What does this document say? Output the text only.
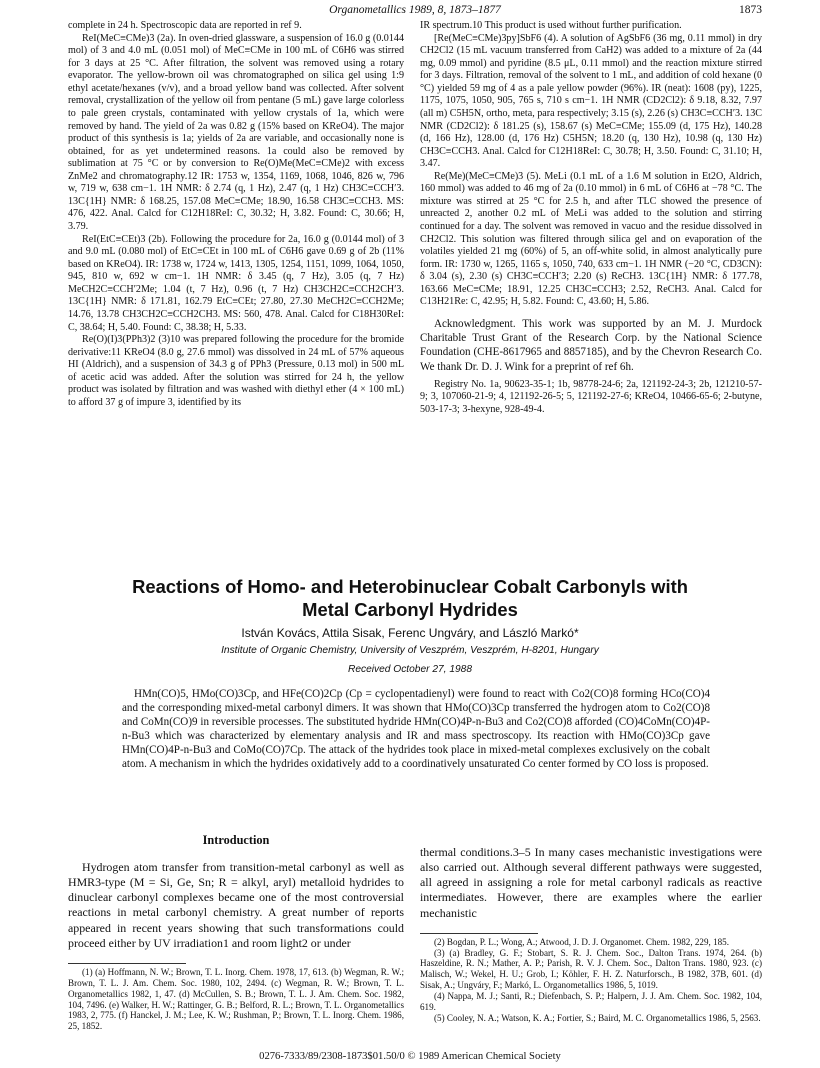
Organometallics 1989, 8, 1873–1877	1873

complete in 24 h. Spectroscopic data are reported in ref 9.

ReI(MeC≡CMe)3 (2a). In oven-dried glassware, a suspension of 16.0 g (0.0144 mol) of 3 and 4.0 mL (0.051 mol) of MeC≡CMe in 100 mL of C6H6 was stirred for 3 days at 25 °C. After filtration, the solvent was removed using a rotary evaporator. The yellow-brown oil was chromatographed on silica gel using 1:9 ethyl acetate/hexanes (v/v), and a broad yellow band was collected. After solvent removal, crystallization of the yellow oil from pentane (5 mL) gave large colorless to pale green crystals, contaminated with yellow crystals of 1a, which were removed by hand. The yield of 2a was 0.82 g (15% based on KReO4). The major product of this synthesis is 1a; yields of 2a are variable, and occasionally none is obtained, for as yet undetermined reasons. 1a could also be removed by sublimation at 75 °C or by conversion to Re(O)Me(MeC≡CMe)2 with excess ZnMe2 and chromatography.12 IR: 1753 w, 1354, 1169, 1068, 1046, 826 w, 796 w, 719 w, 638 cm−1. 1H NMR: δ 2.74 (q, 1 Hz), 2.47 (q, 1 Hz) CH3C≡CCH′3. 13C{1H} NMR: δ 168.25, 157.08 MeC≡CMe; 18.90, 16.58 CH3C≡CCH3. MS: 476, 422. Anal. Calcd for C12H18ReI: C, 30.32; H, 3.82. Found: C, 30.66; H, 3.79.

ReI(EtC≡CEt)3 (2b). Following the procedure for 2a, 16.0 g (0.0144 mol) of 3 and 9.0 mL (0.080 mol) of EtC≡CEt in 100 mL of C6H6 gave 0.69 g of 2b (11% based on KReO4). IR: 1738 w, 1724 w, 1413, 1305, 1254, 1151, 1099, 1064, 1050, 945, 810 w, 692 w cm−1. 1H NMR: δ 3.45 (q, 7 Hz), 3.05 (q, 7 Hz) MeCH2C≡CCH′2Me; 1.04 (t, 7 Hz), 0.96 (t, 7 Hz) CH3CH2C≡CCH2CH′3. 13C{1H} NMR: δ 171.81, 162.79 EtC≡CEt; 27.80, 27.30 MeCH2C≡CCH2Me; 14.76, 13.78 CH3CH2C≡CCH2CH3. MS: 560, 478. Anal. Calcd for C18H30ReI: C, 38.64; H, 5.40. Found: C, 38.38; H, 5.33.

Re(O)(I)3(PPh3)2 (3)10 was prepared following the procedure for the bromide derivative:11 KReO4 (8.0 g, 27.6 mmol) was dissolved in 24 mL of 57% aqueous HI (Aldrich), and a suspension of 34.3 g of PPh3 (Pressure, 0.13 mol) in 500 mL of acetic acid was added. After the solution was stirred for 24 h, the yellow product was isolated by filtration and was washed with diethyl ether (4 × 100 mL) to afford 37 g of impure 3, identified by its

IR spectrum.10 This product is used without further purification.

[Re(MeC≡CMe)3py]SbF6 (4). A solution of AgSbF6 (36 mg, 0.11 mmol) in dry CH2Cl2 (15 mL vacuum transferred from CaH2) was added to a mixture of 2a (44 mg, 0.09 mmol) and pyridine (8.5 μL, 0.11 mmol) and the reaction mixture stirred for 3 days. Filtration, removal of the solvent to 1 mL, and addition of cold hexane (0 °C) yielded 59 mg of 4 as a pale yellow powder (96%). IR (neat): 1608 (py), 1225, 1175, 1075, 1050, 905, 765 s, 710 s cm−1. 1H NMR (CD2Cl2): δ 9.18, 8.32, 7.97 (all m) C5H5N, ortho, meta, para respectively; 3.15 (s), 2.26 (s) CH3C≡CCH′3. 13C NMR (CD2Cl2): δ 181.25 (s), 158.67 (s) MeC≡CMe; 155.09 (d, 175 Hz), 140.28 (d, 166 Hz), 128.00 (d, 176 Hz) C5H5N; 18.20 (q, 130 Hz), 10.98 (q, 130 Hz) CH3C≡CCH3. Anal. Calcd for C12H18ReI: C, 30.78; H, 3.50. Found: C, 31.10; H, 3.47.

Re(Me)(MeC≡CMe)3 (5). MeLi (0.1 mL of a 1.6 M solution in Et2O, Aldrich, 160 mmol) was added to 46 mg of 2a (0.10 mmol) in 6 mL of C6H6 at −78 °C. The mixture was stirred at 25 °C for 2.5 h, and after TLC showed the presence of unreacted 2, another 0.2 mL of MeLi was added to the solution and stirring continued for a day. The solvent was removed in vacuo and the residue dissolved in CH2Cl2. This solution was filtered through silica gel and on evaporation of the volatiles yielded 21 mg (60%) of 5, an off-white solid, in almost analytically pure form. IR: 1730 w, 1265, 1165 s, 1050, 740, 633 cm−1. 1H NMR (−20 °C, CD3CN): δ 3.04 (s), 2.30 (s) CH3C≡CCH′3; 2.20 (s) ReCH3. 13C{1H} NMR: δ 177.78, 163.66 MeC≡CMe; 18.91, 12.25 CH3C≡CCH3; 2.52, ReCH3. Anal. Calcd for C13H21Re: C, 42.95; H, 5.82. Found: C, 43.60; H, 5.86.

Acknowledgment. This work was supported by an M. J. Murdock Charitable Trust Grant of the Research Corp. by the National Science Foundation (CHE-8617965 and 8857185), and by the Chevron Research Co. We thank Dr. D. J. Wink for a preprint of ref 6h.

Registry No. 1a, 90623-35-1; 1b, 98778-24-6; 2a, 121192-24-3; 2b, 121210-57-9; 3, 107060-21-9; 4, 121192-26-5; 5, 121192-27-6; KReO4, 10466-65-6; 2-butyne, 503-17-3; 3-hexyne, 928-49-4.

Reactions of Homo- and Heterobinuclear Cobalt Carbonyls with
Metal Carbonyl Hydrides
István Kovács, Attila Sisak, Ferenc Ungváry, and László Markó*
Institute of Organic Chemistry, University of Veszprém, Veszprém, H-8201, Hungary
Received October 27, 1988
HMn(CO)5, HMo(CO)3Cp, and HFe(CO)2Cp (Cp = cyclopentadienyl) were found to react with Co2(CO)8 forming HCo(CO)4 and the corresponding mixed-metal carbonyl dimers. It was shown that HMo(CO)3Cp transferred the hydrogen atom to Co2(CO)8 and CoMn(CO)9 in reversible processes. The substituted hydride HMn(CO)4P-n-Bu3 and Co2(CO)8 afforded (CO)4CoMn(CO)4P-n-Bu3 which was characterized by elementary analysis and IR and mass spectroscopy. Its reaction with HMo(CO)3Cp gave HMn(CO)4P-n-Bu3 and CoMo(CO)7Cp. The attack of the hydrides took place in mixed-metal complexes exclusively on the cobalt atom. A mechanism in which the hydrides oxidatively add to a coordinatively unsaturated Co center formed by CO loss is proposed.
Introduction

Hydrogen atom transfer from transition-metal carbonyl as well as HMR3-type (M = Si, Ge, Sn; R = alkyl, aryl) metalloid hydrides to dinuclear carbonyl complexes became one of the most controversial reactions in metal carbonyl chemistry. A great number of reports appeared in recent years showing that such transformations could proceed either by UV irradiation1 and room light2 or under

(1) (a) Hoffmann, N. W.; Brown, T. L. Inorg. Chem. 1978, 17, 613. (b) Wegman, R. W.; Brown, T. L. J. Am. Chem. Soc. 1980, 102, 2494. (c) Wegman, R. W.; Brown, T. L. Organometallics 1982, 1, 47. (d) McCullen, S. B.; Brown, T. L. J. Am. Chem. Soc. 1982, 104, 7496. (e) Walker, H. W.; Rattinger, G. B.; Belford, R. L.; Brown, T. L. Organometallics 1983, 2, 775. (f) Hanckel, J. M.; Lee, K. W.; Rushman, P.; Brown, T. L. Inorg. Chem. 1986, 25, 1852.

thermal conditions.3–5 In many cases mechanistic investigations were also carried out. Although several different pathways were suggested, all agreed in assigning a role for metal carbonyl radicals as reactive intermediates. However, there are examples where the earlier mechanistic

(2) Bogdan, P. L.; Wong, A.; Atwood, J. D. J. Organomet. Chem. 1982, 229, 185.

(3) (a) Bradley, G. F.; Stobart, S. R. J. Chem. Soc., Dalton Trans. 1974, 264. (b) Haszeldine, R. N.; Mather, A. P.; Parish, R. V. J. Chem. Soc., Dalton Trans. 1980, 923. (c) Malisch, W.; Wekel, H. U.; Grob, I.; Köhler, F. H. Z. Naturforsch., B 1982, 37B, 601. (d) Sisak, A.; Ungváry, F.; Markó, L. Organometallics 1986, 5, 1019.

(4) Nappa, M. J.; Santi, R.; Diefenbach, S. P.; Halpern, J. J. Am. Chem. Soc. 1982, 104, 619.

(5) Cooley, N. A.; Watson, K. A.; Fortier, S.; Baird, M. C. Organometallics 1986, 5, 2563.

0276-7333/89/2308-1873$01.50/0 © 1989 American Chemical Society
